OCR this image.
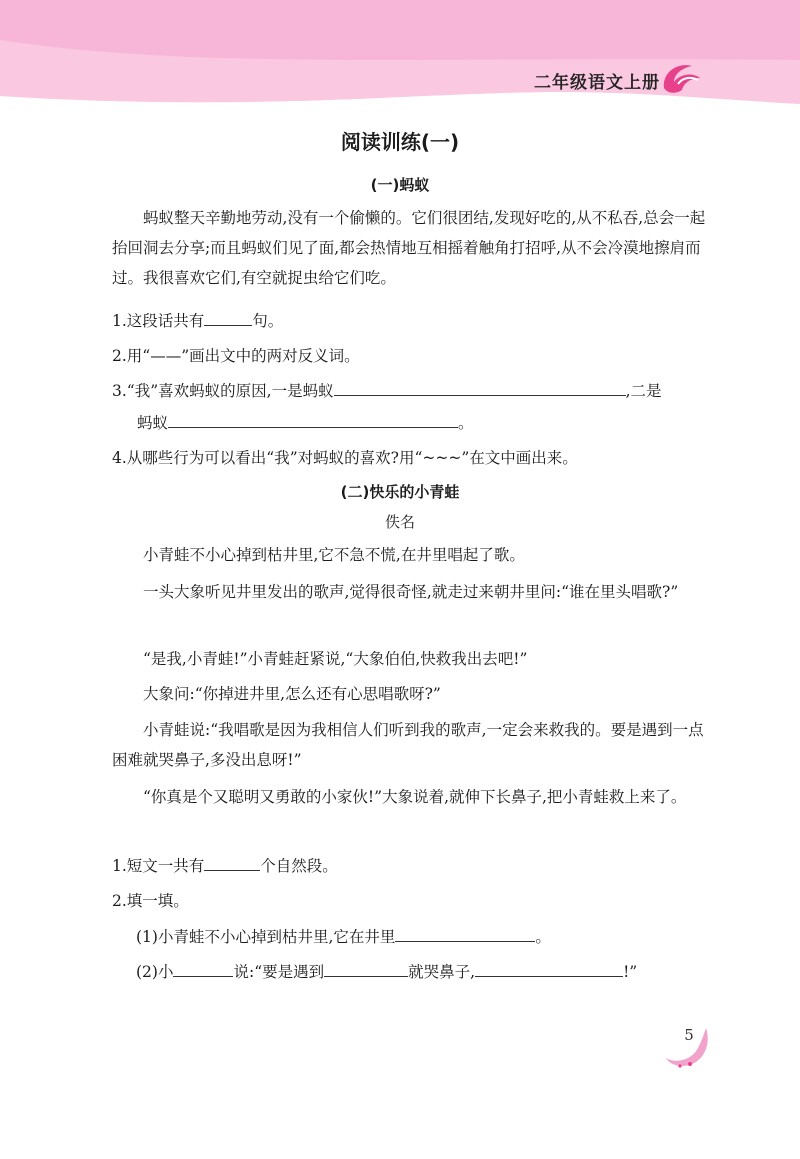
二年级语文上册
阅读训练(一)
(一)蚂蚁
蚂蚁整天辛勤地劳动,没有一个偷懒的。它们很团结,发现好吃的,从不私吞,总会一起抬回洞去分享;而且蚂蚁们见了面,都会热情地互相摇着触角打招呼,从不会冷漠地擦肩而过。我很喜欢它们,有空就捉虫给它们吃。
1.这段话共有	句。
2.用“——”画出文中的两对反义词。
3.“我”喜欢蚂蚁的原因,一是蚂蚁	,二是
蚂蚁	。
4.从哪些行为可以看出“我”对蚂蚁的喜欢?用“~~~”在文中画出来。
(二)快乐的小青蛙
佚名
小青蛙不小心掉到枯井里,它不急不慌,在井里唱起了歌。
一头大象听见井里发出的歌声,觉得很奇怪,就走过来朝井里问:“谁在里头唱歌?”
“是我,小青蛙!”小青蛙赶紧说,“大象伯伯,快救我出去吧!”
大象问:“你掉进井里,怎么还有心思唱歌呀?”
小青蛙说:“我唱歌是因为我相信人们听到我的歌声,一定会来救我的。要是遇到一点困难就哭鼻子,多没出息呀!”
“你真是个又聪明又勇敢的小家伙!”大象说着,就伸下长鼻子,把小青蛙救上来了。
1.短文一共有	个自然段。
2.填一填。
(1)小青蛙不小心掉到枯井里,它在井里	。
(2)小	说:“要是遇到	就哭鼻子,	!”
5
